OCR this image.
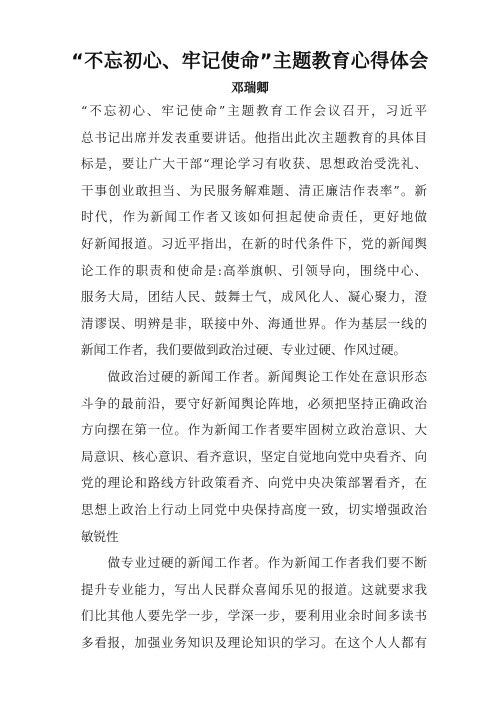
“不忘初心、牢记使命”主题教育心得体会
邓瑞卿
“不忘初心、牢记使命”主题教育工作会议召开，习近平
总书记出席并发表重要讲话。他指出此次主题教育的具体目
标是，要让广大干部“理论学习有收获、思想政治受洗礼、
干事创业敢担当、为民服务解难题、清正廉洁作表率”。新
时代，作为新闻工作者又该如何担起使命责任，更好地做
好新闻报道。习近平指出，在新的时代条件下，党的新闻舆
论工作的职责和使命是:高举旗帜、引领导向，围绕中心、
服务大局，团结人民、鼓舞士气，成风化人、凝心聚力，澄
清谬误、明辨是非，联接中外、海通世界。作为基层一线的
新闻工作者，我们要做到政治过硬、专业过硬、作风过硬。
　　做政治过硬的新闻工作者。新闻舆论工作处在意识形态
斗争的最前沿，要守好新闻舆论阵地，必须把坚持正确政治
方向摆在第一位。作为新闻工作者要牢固树立政治意识、大
局意识、核心意识、看齐意识，坚定自觉地向党中央看齐、向
党的理论和路线方针政策看齐、向党中央决策部署看齐，在
思想上政治上行动上同党中央保持高度一致，切实增强政治
敏锐性
　　做专业过硬的新闻工作者。作为新闻工作者我们要不断
提升专业能力，写出人民群众喜闻乐见的报道。这就要求我
们比其他人要先学一步，学深一步，要利用业余时间多读书
多看报，加强业务知识及理论知识的学习。在这个人人都有
